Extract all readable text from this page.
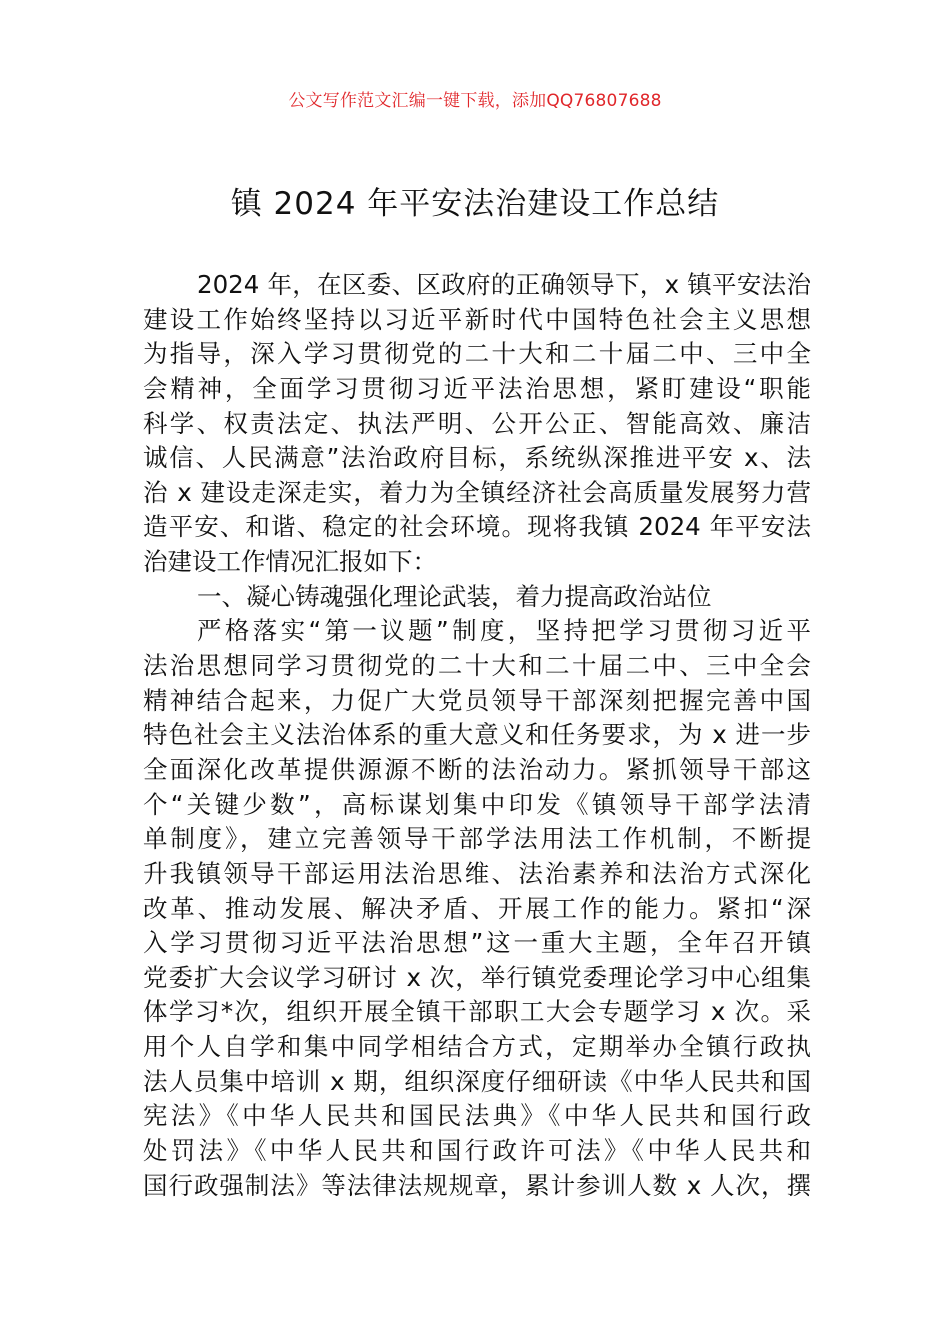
公文写作范文汇编一键下载，添加QQ76807688
镇 2024 年平安法治建设工作总结
2024 年，在区委、区政府的正确领导下，x 镇平安法治
建设工作始终坚持以习近平新时代中国特色社会主义思想
为指导，深入学习贯彻党的二十大和二十届二中、三中全
会精神，全面学习贯彻习近平法治思想，紧盯建设“职能
科学、权责法定、执法严明、公开公正、智能高效、廉洁
诚信、人民满意”法治政府目标，系统纵深推进平安 x、法
治 x 建设走深走实，着力为全镇经济社会高质量发展努力营
造平安、和谐、稳定的社会环境。现将我镇 2024 年平安法
治建设工作情况汇报如下：
一、凝心铸魂强化理论武装，着力提高政治站位
严格落实“第一议题”制度，坚持把学习贯彻习近平
法治思想同学习贯彻党的二十大和二十届二中、三中全会
精神结合起来，力促广大党员领导干部深刻把握完善中国
特色社会主义法治体系的重大意义和任务要求，为 x 进一步
全面深化改革提供源源不断的法治动力。紧抓领导干部这
个“关键少数”，高标谋划集中印发《镇领导干部学法清
单制度》，建立完善领导干部学法用法工作机制，不断提
升我镇领导干部运用法治思维、法治素养和法治方式深化
改革、推动发展、解决矛盾、开展工作的能力。紧扣“深
入学习贯彻习近平法治思想”这一重大主题，全年召开镇
党委扩大会议学习研讨 x 次，举行镇党委理论学习中心组集
体学习*次，组织开展全镇干部职工大会专题学习 x 次。采
用个人自学和集中同学相结合方式，定期举办全镇行政执
法人员集中培训 x 期，组织深度仔细研读《中华人民共和国
宪法》《中华人民共和国民法典》《中华人民共和国行政
处罚法》《中华人民共和国行政许可法》《中华人民共和
国行政强制法》等法律法规规章，累计参训人数 x 人次，撰
